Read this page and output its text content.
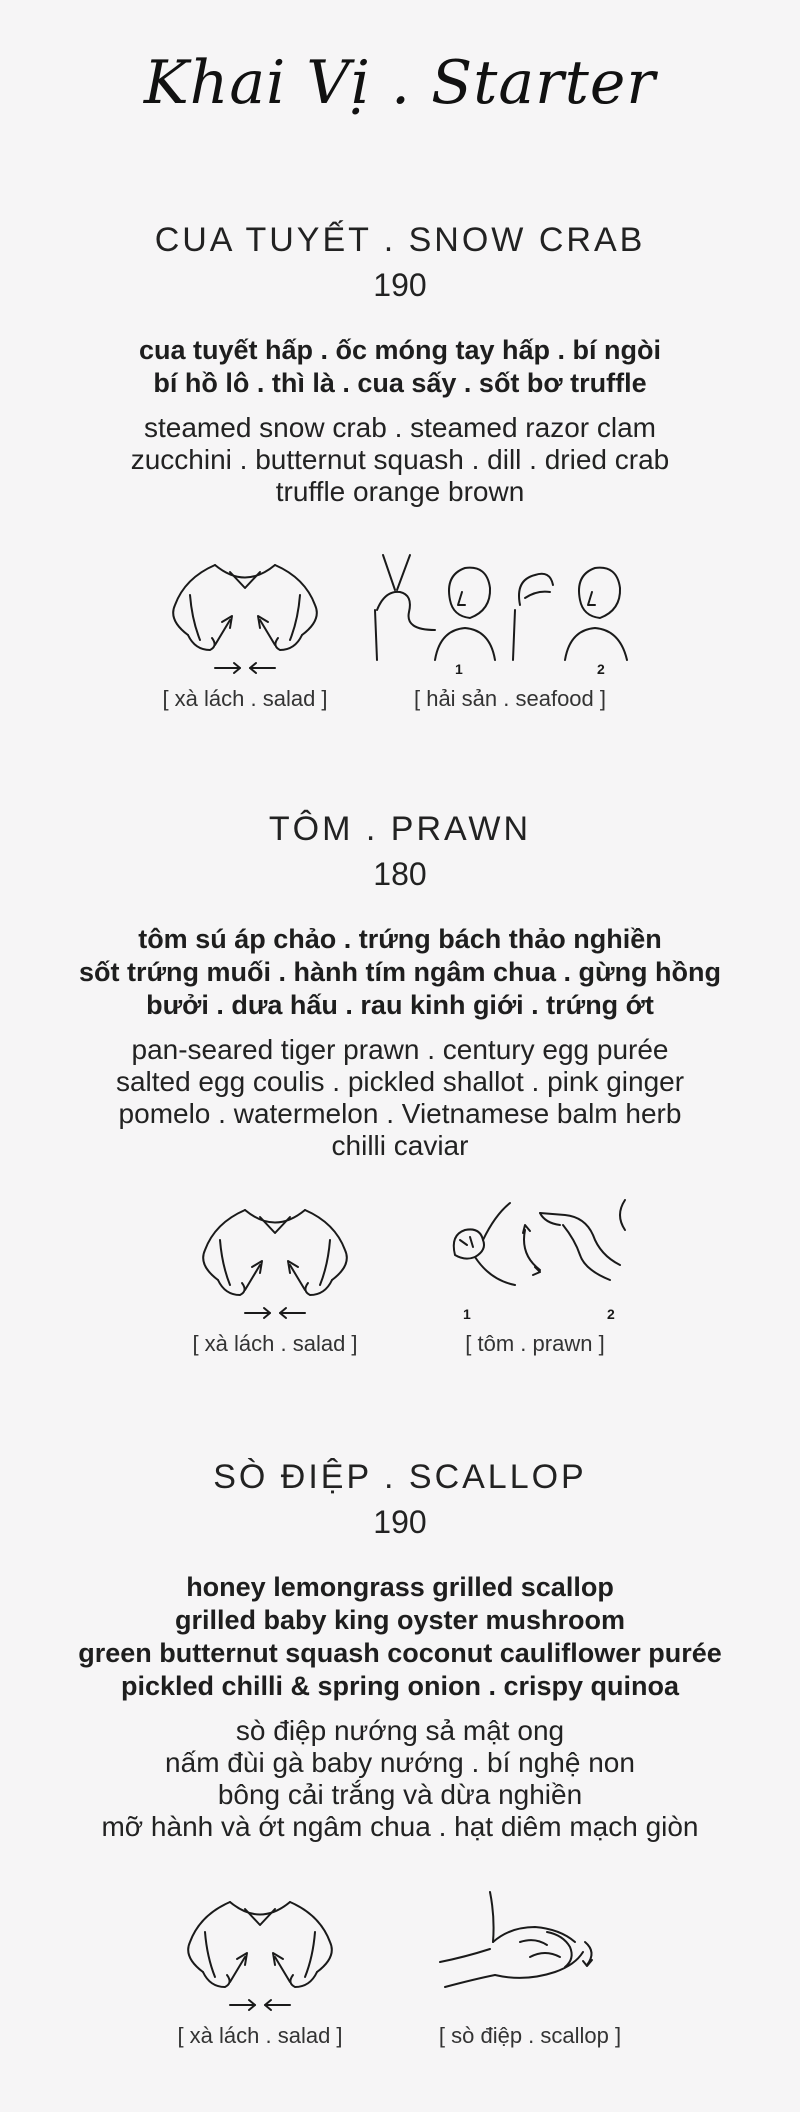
Khai Vị . Starter
CUA TUYẾT . SNOW CRAB
190
cua tuyết hấp . ốc móng tay hấp . bí ngòi
bí hồ lô . thì là . cua sấy . sốt bơ truffle
steamed snow crab . steamed razor clam
zucchini . butternut squash . dill . dried crab
truffle orange brown
[ xà lách . salad ]
1	2
[ hải sản . seafood ]
TÔM . PRAWN
180
tôm sú áp chảo . trứng bách thảo nghiền
sốt trứng muối . hành tím ngâm chua . gừng hồng
bưởi . dưa hấu . rau kinh giới . trứng ớt
pan-seared tiger prawn . century egg purée
salted egg coulis . pickled shallot . pink ginger
pomelo . watermelon . Vietnamese balm herb
chilli caviar
[ xà lách . salad ]
1	2
[ tôm . prawn ]
SÒ ĐIỆP . SCALLOP
190
honey lemongrass grilled scallop
grilled baby king oyster mushroom
green butternut squash coconut cauliflower purée
pickled chilli & spring onion . crispy quinoa
sò điệp nướng sả mật ong
nấm đùi gà baby nướng . bí nghệ non
bông cải trắng và dừa nghiền
mỡ hành và ớt ngâm chua . hạt diêm mạch giòn
[ xà lách . salad ]	[ sò điệp . scallop ]
